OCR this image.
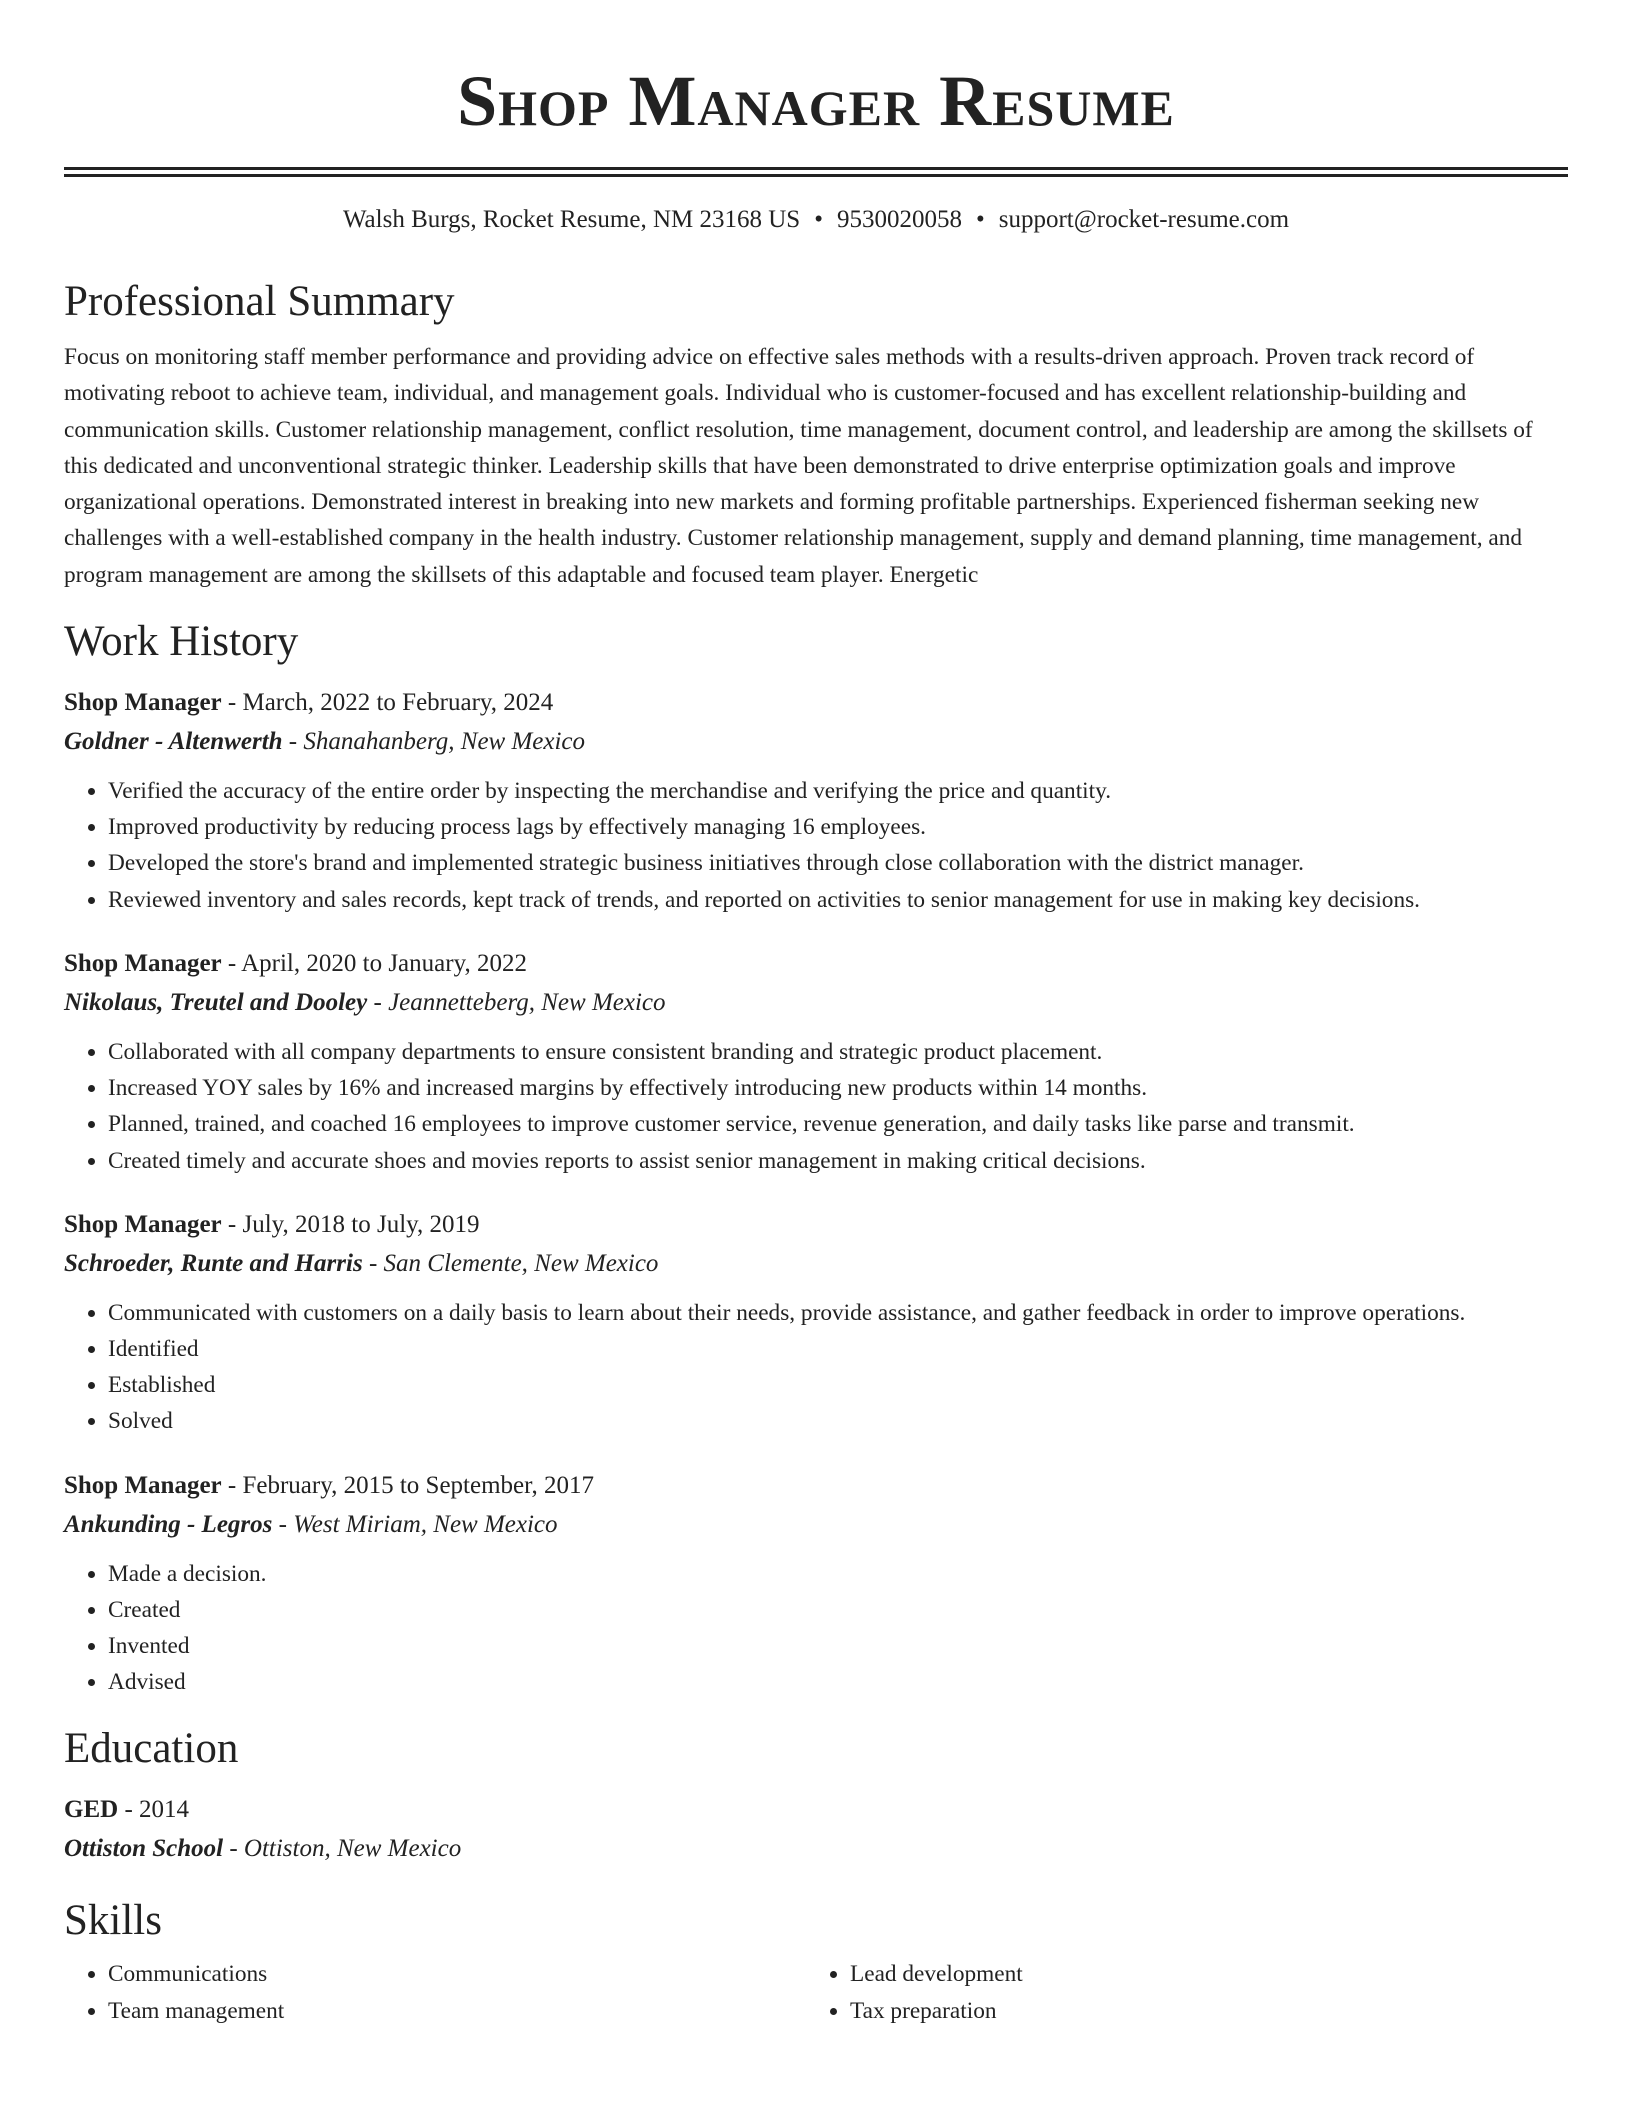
Shop Manager Resume
Walsh Burgs, Rocket Resume, NM 23168 US • 9530020058 • support@rocket-resume.com
Professional Summary

Focus on monitoring staff member performance and providing advice on effective sales methods with a results-driven approach. Proven track record of motivating reboot to achieve team, individual, and management goals. Individual who is customer-focused and has excellent relationship-building and communication skills. Customer relationship management, conflict resolution, time management, document control, and leadership are among the skillsets of this dedicated and unconventional strategic thinker. Leadership skills that have been demonstrated to drive enterprise optimization goals and improve organizational operations. Demonstrated interest in breaking into new markets and forming profitable partnerships. Experienced fisherman seeking new challenges with a well-established company in the health industry. Customer relationship management, supply and demand planning, time management, and program management are among the skillsets of this adaptable and focused team player. Energetic

Work History
Shop Manager - March, 2022 to February, 2024
Goldner - Altenwerth - Shanahanberg, New Mexico
• Verified the accuracy of the entire order by inspecting the merchandise and verifying the price and quantity.
• Improved productivity by reducing process lags by effectively managing 16 employees.
• Developed the store's brand and implemented strategic business initiatives through close collaboration with the district manager.
• Reviewed inventory and sales records, kept track of trends, and reported on activities to senior management for use in making key decisions.
Shop Manager - April, 2020 to January, 2022
Nikolaus, Treutel and Dooley - Jeannetteberg, New Mexico
• Collaborated with all company departments to ensure consistent branding and strategic product placement.
• Increased YOY sales by 16% and increased margins by effectively introducing new products within 14 months.
• Planned, trained, and coached 16 employees to improve customer service, revenue generation, and daily tasks like parse and transmit.
• Created timely and accurate shoes and movies reports to assist senior management in making critical decisions.
Shop Manager - July, 2018 to July, 2019
Schroeder, Runte and Harris - San Clemente, New Mexico
• Communicated with customers on a daily basis to learn about their needs, provide assistance, and gather feedback in order to improve operations.
• Identified
• Established
• Solved
Shop Manager - February, 2015 to September, 2017
Ankunding - Legros - West Miriam, New Mexico
• Made a decision.
• Created
• Invented
• Advised
Education
GED - 2014
Ottiston School - Ottiston, New Mexico
Skills
• Communications
• Team management
• Lead development
• Tax preparation
